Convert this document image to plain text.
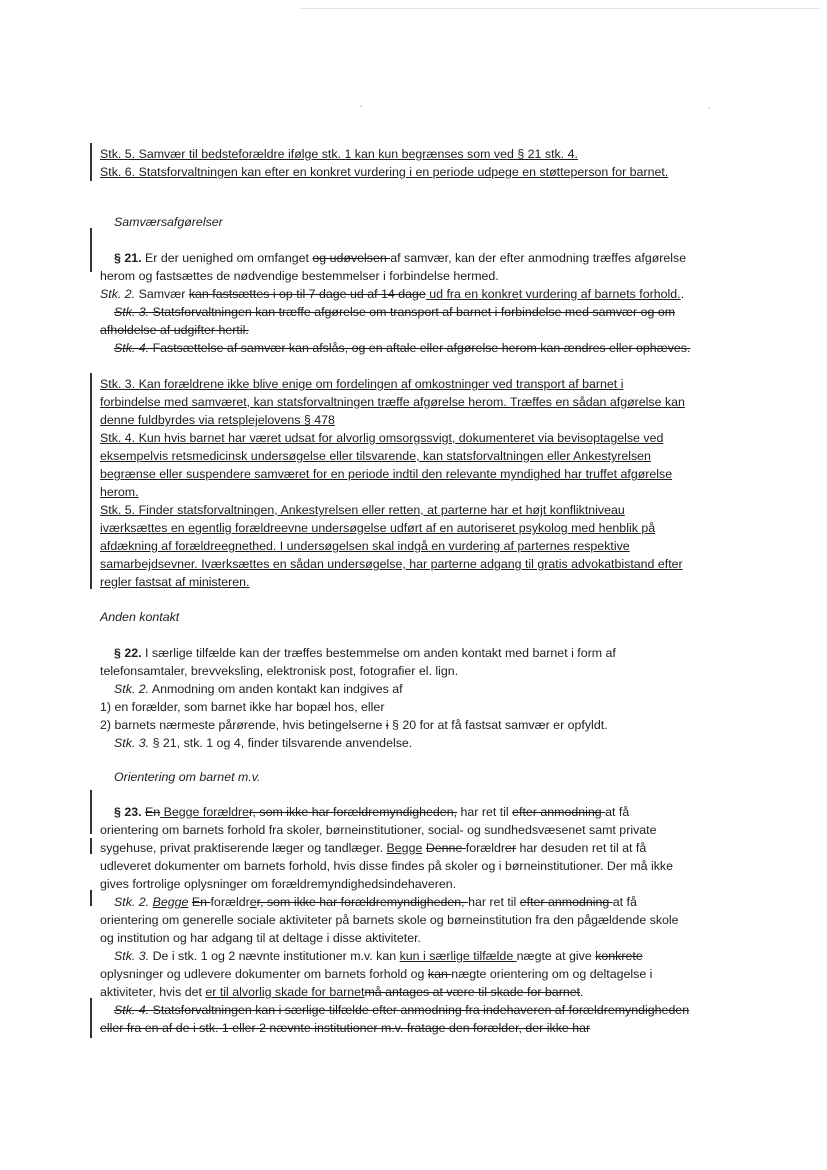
Stk. 5. Samvær til bedsteforældre ifølge stk. 1 kan kun begrænses som ved § 21 stk. 4.
Stk. 6. Statsforvaltningen kan efter en konkret vurdering i en periode udpege en støtteperson for barnet.
Samværsafgørelser
§ 21. Er der uenighed om omfanget og udøvelsen af samvær, kan der efter anmodning træffes afgørelse
herom og fastsættes de nødvendige bestemmelser i forbindelse hermed.
Stk. 2. Samvær kan fastsættes i op til 7 dage ud af 14 dage ud fra en konkret vurdering af barnets forhold..
Stk. 3. Statsforvaltningen kan træffe afgørelse om transport af barnet i forbindelse med samvær og om
afholdelse af udgifter hertil.
Stk. 4. Fastsættelse af samvær kan afslås, og en aftale eller afgørelse herom kan ændres eller ophæves.
Stk. 3. Kan forældrene ikke blive enige om fordelingen af omkostninger ved transport af barnet i
forbindelse med samværet, kan statsforvaltningen træffe afgørelse herom. Træffes en sådan afgørelse kan
denne fuldbyrdes via retsplejelovens § 478
Stk. 4. Kun hvis barnet har været udsat for alvorlig omsorgssvigt, dokumenteret via bevisoptagelse ved
eksempelvis retsmedicinsk undersøgelse eller tilsvarende, kan statsforvaltningen eller Ankestyrelsen
begrænse eller suspendere samværet for en periode indtil den relevante myndighed har truffet afgørelse
herom.
Stk. 5. Finder statsforvaltningen, Ankestyrelsen eller retten, at parterne har et højt konfliktniveau
iværksættes en egentlig forældreevne undersøgelse udført af en autoriseret psykolog med henblik på
afdækning af forældreegnethed. I undersøgelsen skal indgå en vurdering af parternes respektive
samarbejdsevner. Iværksættes en sådan undersøgelse, har parterne adgang til gratis advokatbistand efter
regler fastsat af ministeren.
Anden kontakt
§ 22. I særlige tilfælde kan der træffes bestemmelse om anden kontakt med barnet i form af
telefonsamtaler, brevveksling, elektronisk post, fotografier el. lign.
Stk. 2. Anmodning om anden kontakt kan indgives af
1) en forælder, som barnet ikke har bopæl hos, eller
2) barnets nærmeste pårørende, hvis betingelserne i § 20 for at få fastsat samvær er opfyldt.
Stk. 3. § 21, stk. 1 og 4, finder tilsvarende anvendelse.
Orientering om barnet m.v.
§ 23. En Begge forældrer, som ikke har forældremyndigheden, har ret til efter anmodning at få
orientering om barnets forhold fra skoler, børneinstitutioner, social- og sundhedsvæsenet samt private
sygehuse, privat praktiserende læger og tandlæger. Begge Denne forældrer har desuden ret til at få
udleveret dokumenter om barnets forhold, hvis disse findes på skoler og i børneinstitutioner. Der må ikke
gives fortrolige oplysninger om forældremyndighedsindehaveren.
Stk. 2. Begge En forældrer, som ikke har forældremyndigheden, har ret til efter anmodning at få
orientering om generelle sociale aktiviteter på barnets skole og børneinstitution fra den pågældende skole
og institution og har adgang til at deltage i disse aktiviteter.
Stk. 3. De i stk. 1 og 2 nævnte institutioner m.v. kan kun i særlige tilfælde nægte at give konkrete
oplysninger og udlevere dokumenter om barnets forhold og kan nægte orientering om og deltagelse i
aktiviteter, hvis det er til alvorlig skade for barnetmå antages at være til skade for barnet.
Stk. 4. Statsforvaltningen kan i særlige tilfælde efter anmodning fra indehaveren af forældremyndigheden
eller fra en af de i stk. 1 eller 2 nævnte institutioner m.v. fratage den forælder, der ikke har
